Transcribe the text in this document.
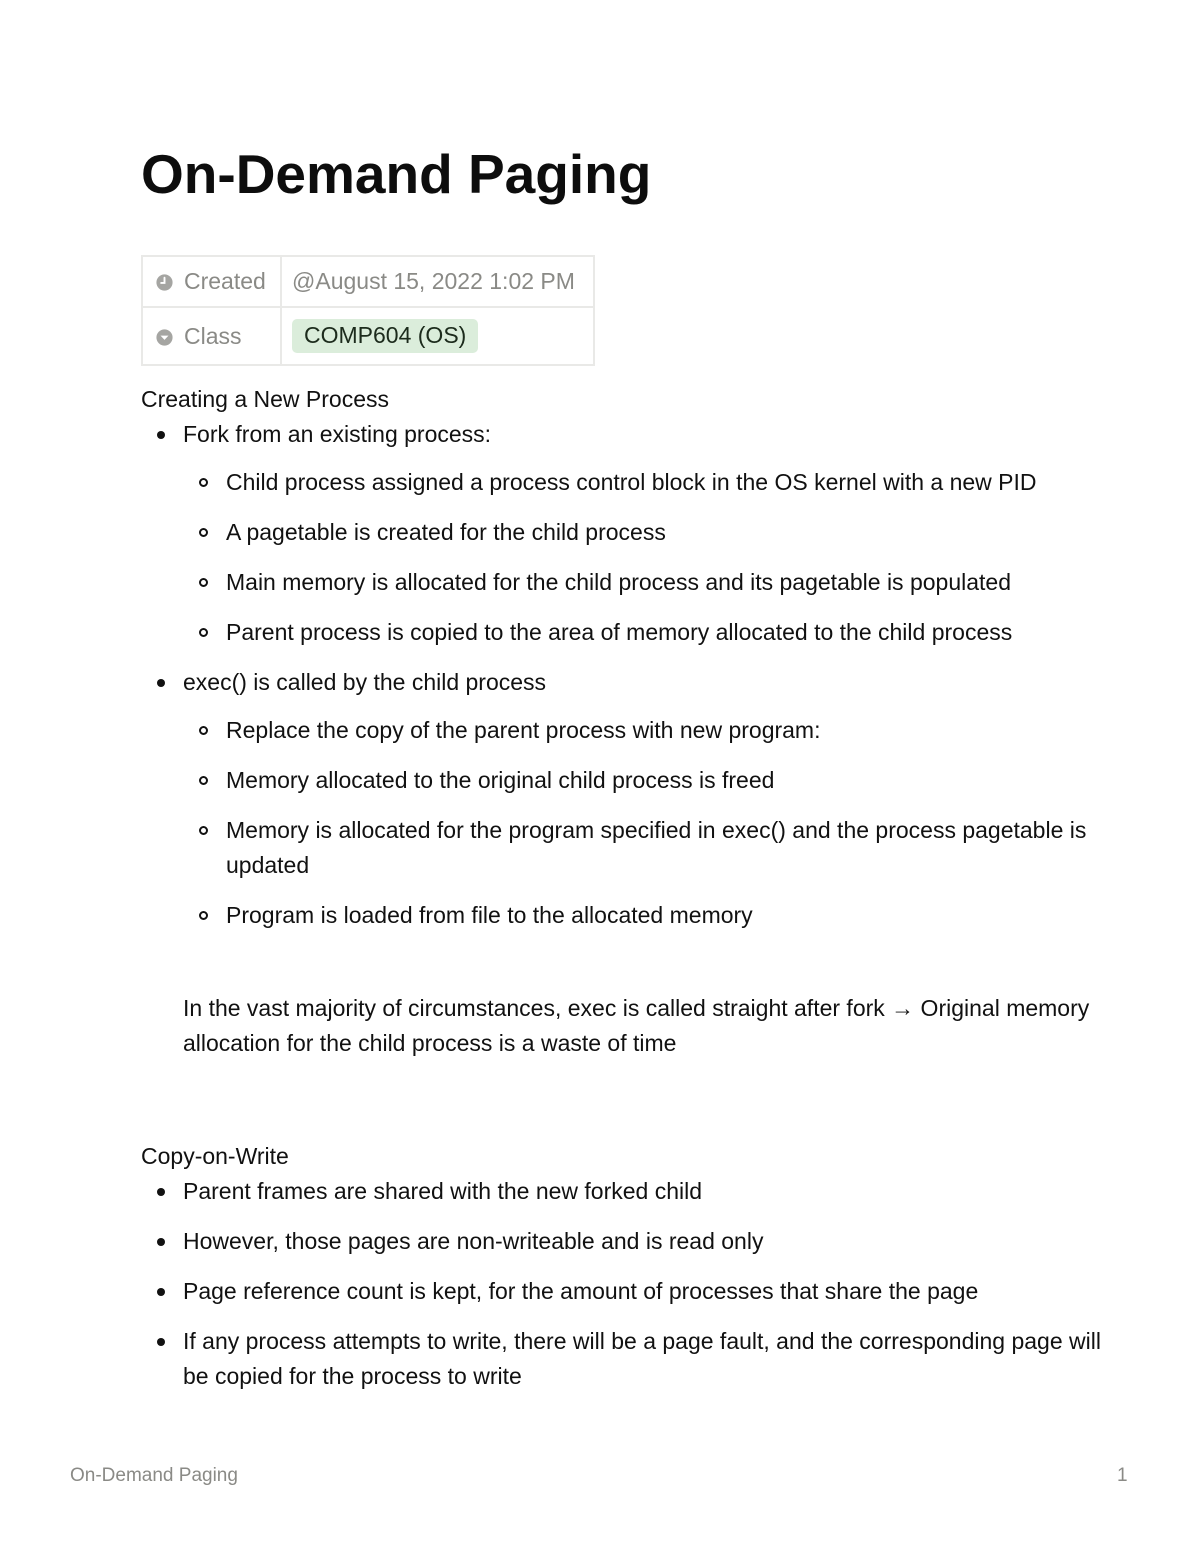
On-Demand Paging
Created	@August 15, 2022 1:02 PM
Class	COMP604 (OS)

Creating a New Process

Fork from an existing process:
Child process assigned a process control block in the OS kernel with a new PID
A pagetable is created for the child process
Main memory is allocated for the child process and its pagetable is populated
Parent process is copied to the area of memory allocated to the child process
exec() is called by the child process
Replace the copy of the parent process with new program:
Memory allocated to the original child process is freed
Memory is allocated for the program specified in exec() and the process pagetable is updated
Program is loaded from file to the allocated memory

In the vast majority of circumstances, exec is called straight after fork → Original memory allocation for the child process is a waste of time

Copy-on-Write

Parent frames are shared with the new forked child
However, those pages are non-writeable and is read only
Page reference count is kept, for the amount of processes that share the page
If any process attempts to write, there will be a page fault, and the corresponding page will be copied for the process to write
On-Demand Paging	1
